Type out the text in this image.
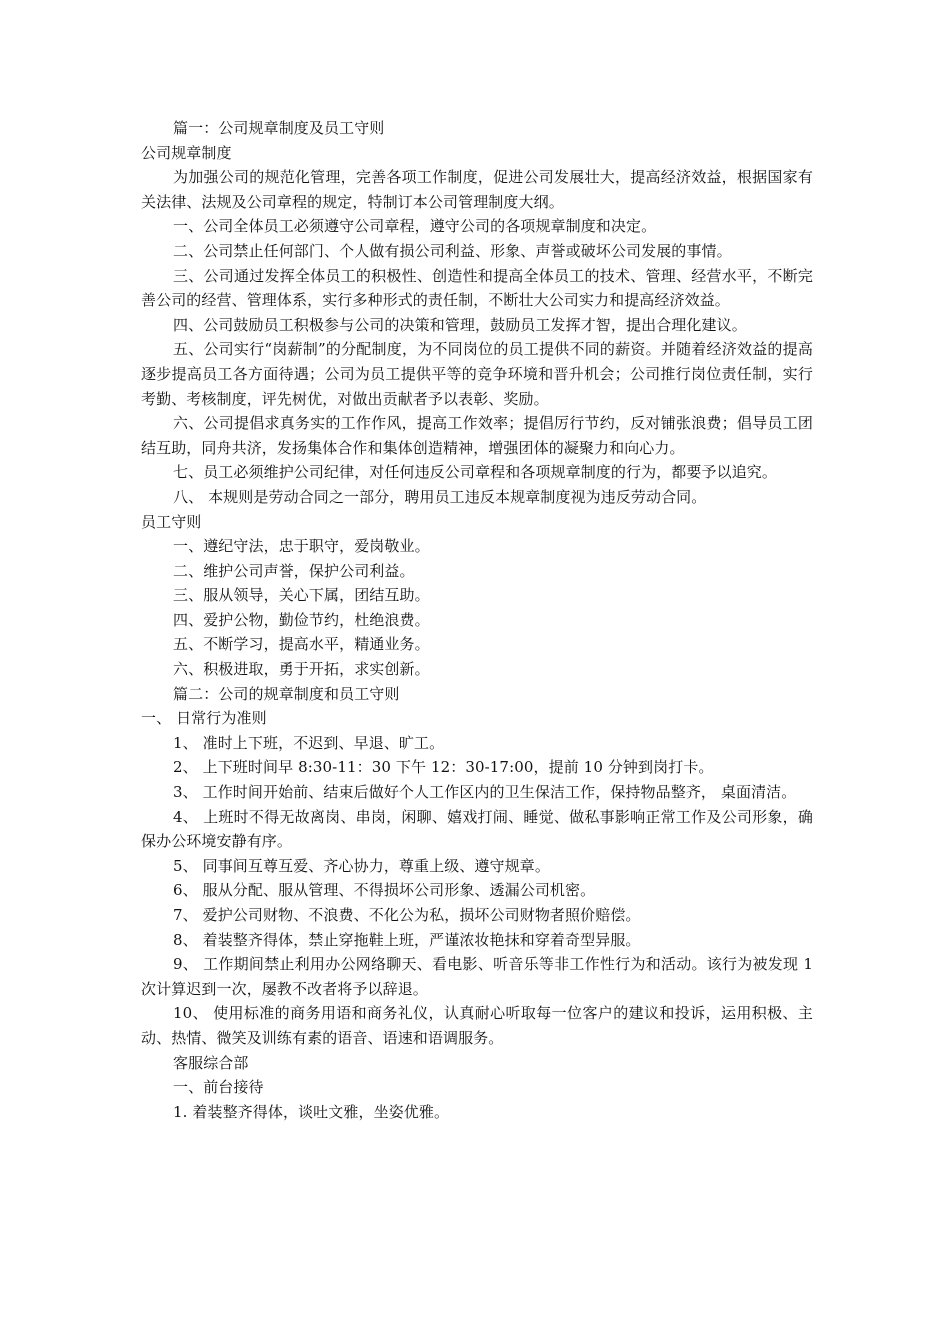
篇一：公司规章制度及员工守则

公司规章制度

为加强公司的规范化管理，完善各项工作制度，促进公司发展壮大，提高经济效益，根据国家有关法律、法规及公司章程的规定，特制订本公司管理制度大纲。

一、公司全体员工必须遵守公司章程，遵守公司的各项规章制度和决定。

二、公司禁止任何部门、个人做有损公司利益、形象、声誉或破坏公司发展的事情。

三、公司通过发挥全体员工的积极性、创造性和提高全体员工的技术、管理、经营水平，不断完善公司的经营、管理体系，实行多种形式的责任制，不断壮大公司实力和提高经济效益。

四、公司鼓励员工积极参与公司的决策和管理，鼓励员工发挥才智，提出合理化建议。

五、公司实行“岗薪制”的分配制度，为不同岗位的员工提供不同的薪资。并随着经济效益的提高逐步提高员工各方面待遇；公司为员工提供平等的竞争环境和晋升机会；公司推行岗位责任制，实行考勤、考核制度，评先树优，对做出贡献者予以表彰、奖励。

六、公司提倡求真务实的工作作风，提高工作效率；提倡厉行节约，反对铺张浪费；倡导员工团结互助，同舟共济，发扬集体合作和集体创造精神，增强团体的凝聚力和向心力。

七、员工必须维护公司纪律，对任何违反公司章程和各项规章制度的行为，都要予以追究。

八、 本规则是劳动合同之一部分，聘用员工违反本规章制度视为违反劳动合同。

员工守则

一、遵纪守法，忠于职守，爱岗敬业。

二、维护公司声誉，保护公司利益。

三、服从领导，关心下属，团结互助。

四、爱护公物，勤俭节约，杜绝浪费。

五、不断学习，提高水平，精通业务。

六、积极进取，勇于开拓，求实创新。

篇二：公司的规章制度和员工守则

一、 日常行为准则

1、 准时上下班，不迟到、早退、旷工。

2、 上下班时间早 8:30-11：30 下午 12：30-17:00，提前 10 分钟到岗打卡。

3、 工作时间开始前、结束后做好个人工作区内的卫生保洁工作，保持物品整齐， 桌面清洁。

4、 上班时不得无故离岗、串岗，闲聊、嬉戏打闹、睡觉、做私事影响正常工作及公司形象，确保办公环境安静有序。

5、 同事间互尊互爱、齐心协力，尊重上级、遵守规章。

6、 服从分配、服从管理、不得损坏公司形象、透漏公司机密。

7、 爱护公司财物、不浪费、不化公为私，损坏公司财物者照价赔偿。

8、 着装整齐得体，禁止穿拖鞋上班，严谨浓妆艳抹和穿着奇型异服。

9、 工作期间禁止利用办公网络聊天、看电影、听音乐等非工作性行为和活动。该行为被发现 1 次计算迟到一次，屡教不改者将予以辞退。

10、 使用标准的商务用语和商务礼仪，认真耐心听取每一位客户的建议和投诉，运用积极、主动、热情、微笑及训练有素的语音、语速和语调服务。

客服综合部

一、前台接待

1. 着装整齐得体，谈吐文雅，坐姿优雅。
